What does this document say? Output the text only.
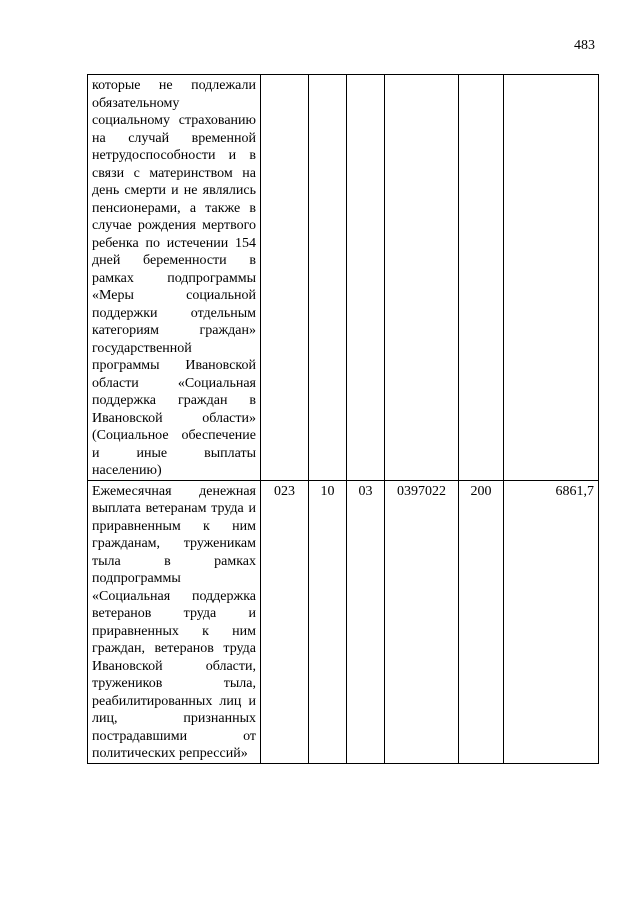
483
которые не подлежали обязательному социальному страхованию на случай временной нетрудоспособности и в связи с материнством на день смерти и не являлись пенсионерами, а также в случае рождения мертвого ребенка по истечении 154 дней беременности в рамках подпрограммы «Меры социальной поддержки отдельным категориям граждан» государственной программы Ивановской области «Социальная поддержка граждан в Ивановской области» (Социальное обеспечение и иные выплаты населению)						
Ежемесячная денежная выплата ветеранам труда и приравненным к ним гражданам, труженикам тыла в рамках подпрограммы «Социальная поддержка ветеранов труда и приравненных к ним граждан, ветеранов труда Ивановской области, тружеников тыла, реабилитированных лиц и лиц, признанных пострадавшими от политических репрессий»	023	10	03	0397022	200	6861,7
